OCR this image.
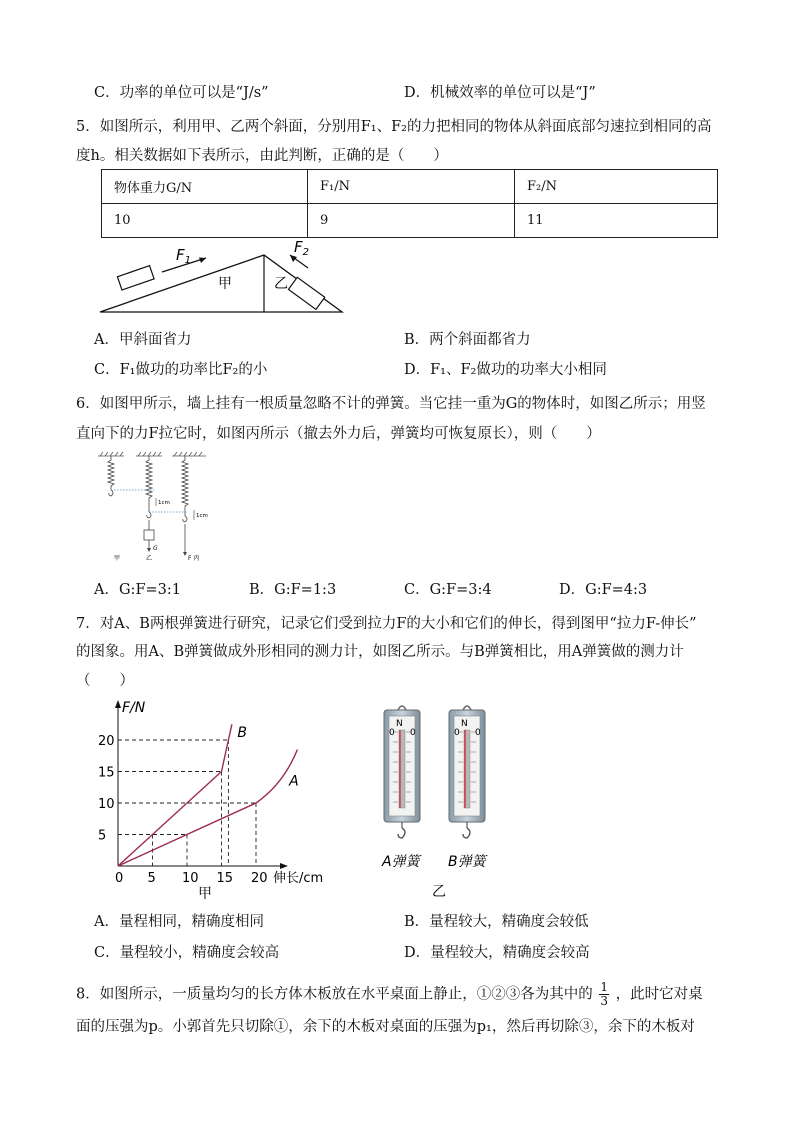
C．功率的单位可以是“J/s”	D．机械效率的单位可以是“J”
5．如图所示，利用甲、乙两个斜面，分别用F₁、F₂的力把相同的物体从斜面底部匀速拉到相同的高
度h。相关数据如下表所示，由此判断，正确的是（　　）
物体重力G/N	F₁/N	F₂/N
10	9	11
$F_1$
$F_2$
甲	乙
A．甲斜面省力	B．两个斜面都省力
C．F₁做功的功率比F₂的小	D．F₁、F₂做功的功率大小相同
6．如图甲所示，墙上挂有一根质量忽略不计的弹簧。当它挂一重为G的物体时，如图乙所示；用竖
直向下的力F拉它时，如图丙所示（撤去外力后，弹簧均可恢复原长），则（　　）
G
F 丙
1cm
1cm
甲	乙
A．G:F=3:1	B．G:F=1:3	C．G:F=3:4	D．G:F=4:3
7．对A、B两根弹簧进行研究，记录它们受到拉力F的大小和它们的伸长，得到图甲“拉力F-伸长”
的图象。用A、B弹簧做成外形相同的测力计，如图乙所示。与B弹簧相比，用A弹簧做的测力计
（　　）
F/N
伸长/cm
0 5 10 15 20
5
10
15
20
B
A
甲
N
0 0
N
0 0
A弹簧 B弹簧
乙
A．量程相同，精确度相同	B．量程较大，精确度会较低
C．量程较小，精确度会较高	D．量程较大，精确度会较高
8．如图所示，一质量均匀的长方体木板放在水平桌面上静止，①②③各为其中的 $\frac{1}{3}$ ，此时它对桌
面的压强为p。小郭首先只切除①，余下的木板对桌面的压强为p₁，然后再切除③，余下的木板对
